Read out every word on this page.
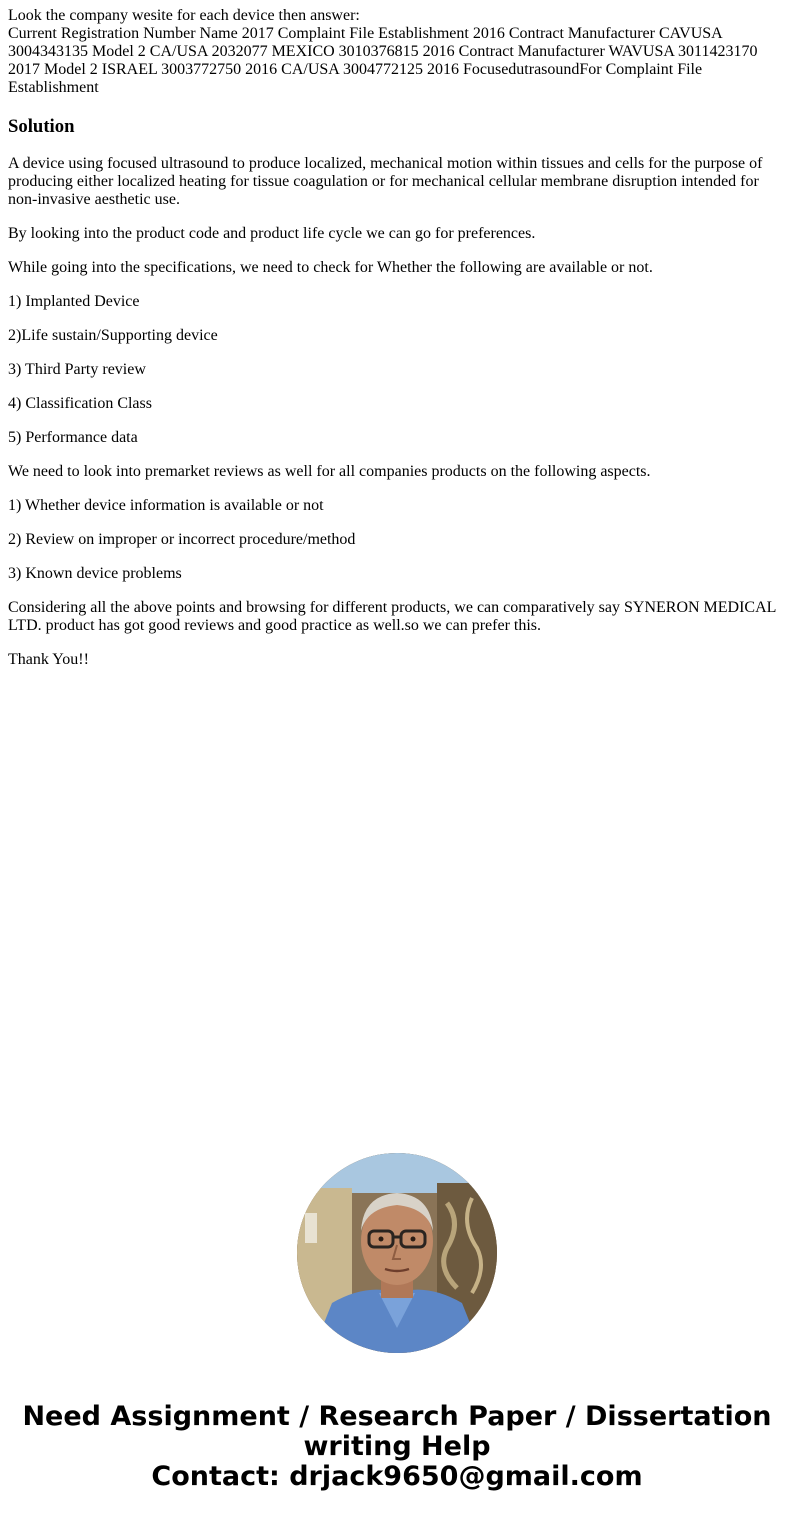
Look the company wesite for each device then answer:
Current Registration Number Name 2017 Complaint File Establishment 2016 Contract Manufacturer CAVUSA 3004343135 Model 2 CA/USA 2032077 MEXICO 3010376815 2016 Contract Manufacturer WAVUSA 3011423170 2017 Model 2 ISRAEL 3003772750 2016 CA/USA 3004772125 2016 FocusedutrasoundFor Complaint File Establishment
Solution

A device using focused ultrasound to produce localized, mechanical motion within tissues and cells for the purpose of producing either localized heating for tissue coagulation or for mechanical cellular membrane disruption intended for non-invasive aesthetic use.

By looking into the product code and product life cycle we can go for preferences.

While going into the specifications, we need to check for Whether the following are available or not.

1) Implanted Device

2)Life sustain/Supporting device

3) Third Party review

4) Classification Class

5) Performance data

We need to look into premarket reviews as well for all companies products on the following aspects.

1) Whether device information is available or not

2) Review on improper or incorrect procedure/method

3) Known device problems

Considering all the above points and browsing for different products, we can comparatively say SYNERON MEDICAL LTD. product has got good reviews and good practice as well.so we can prefer this.

Thank You!!

Need Assignment / Research Paper / Dissertation
writing Help
Contact: drjack9650@gmail.com
